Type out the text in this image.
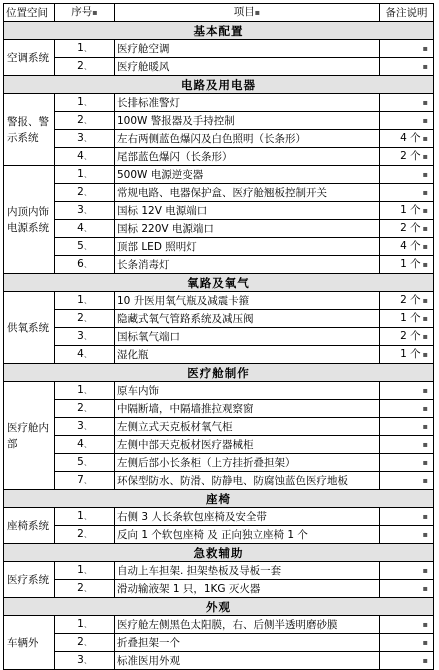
位置空间	序号▪	项目▪	备注说明
基本配置			
空调系统	1、	医疗舱空调		▪
	2、	医疗舱暖风		▪
电路及用电器			
警报、警示系统	1、	长排标准警灯		▪
	2、	100W 警报器及手持控制		▪
	3、	左右两侧蓝色爆闪及白色照明（长条形）		4 个 ▪
	4、	尾部蓝色爆闪（长条形）		2 个 ▪
内顶内饰电源系统	1、	500W 电源逆变器		▪
	2、	常规电路、电器保护盒、医疗舱翘板控制开关		▪
	3、	国标 12V 电源端口		1 个 ▪
	4、	国标 220V 电源端口		2 个 ▪
	5、	顶部 LED 照明灯		4 个 ▪
	6、	长条消毒灯		1 个 ▪
氧路及氧气			
供氧系统	1、	10 升医用氧气瓶及减震卡箍		2 个 ▪
	2、	隐藏式氧气管路系统及减压阀		1 个 ▪
	3、	国标氧气端口		2 个 ▪
	4、	湿化瓶		1 个 ▪
医疗舱制作			
医疗舱内部	1、	原车内饰		▪
	2、	中隔断墙，中隔墙推拉观察窗		▪
	3、	左侧立式天克板材氧气柜		▪
	4、	左侧中部天克板材医疗器械柜		▪
	5、	左侧后部小长条柜（上方挂折叠担架）		▪
	7、	环保型防水、防滑、防静电、防腐蚀蓝色医疗地板		▪
座椅			
座椅系统	1、	右侧 3 人长条软包座椅及安全带		▪
	2、	反向 1 个软包座椅 及 正向独立座椅 1 个		▪
急救辅助			
医疗系统	1、	自动上车担架. 担架垫板及导板一套		▪
	2、	滑动输液架 1 只，1KG 灭火器		▪
外观			
车辆外	1、	医疗舱左侧黑色太阳膜，右、后侧半透明磨砂膜		▪
	2、	折叠担架一个		▪
	3、	标准医用外观		▪
